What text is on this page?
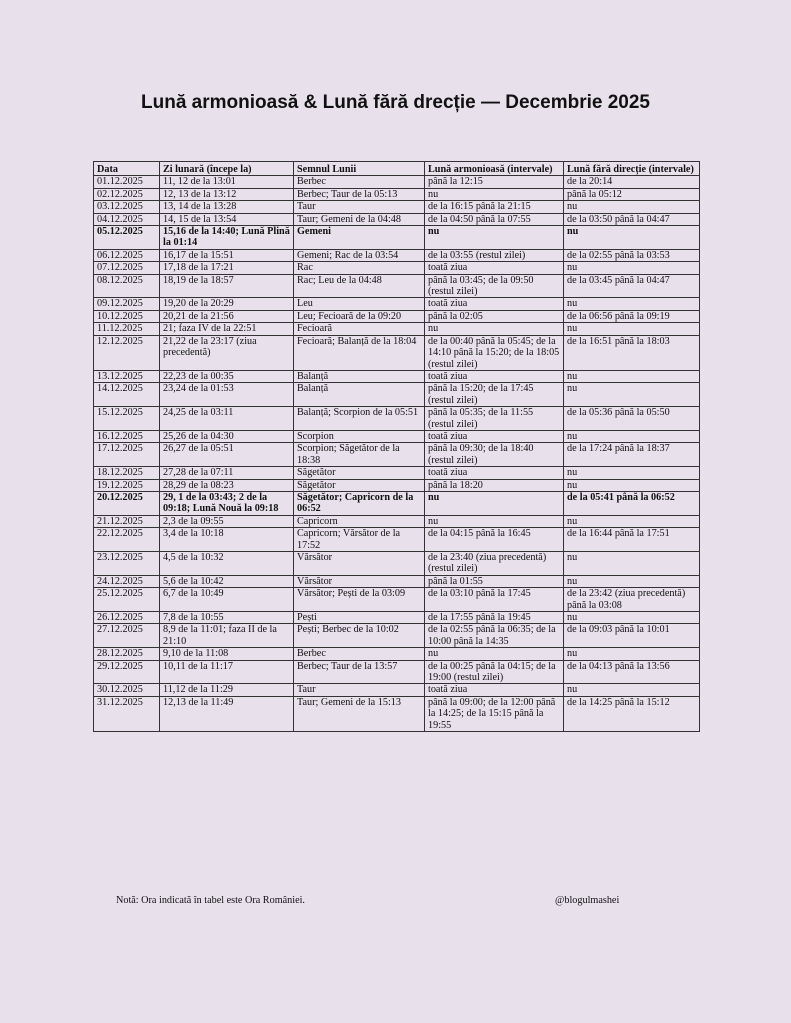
Lună armonioasă & Lună fără drecție — Decembrie 2025
Data	Zi lunară (începe la)	Semnul Lunii	Lună armonioasă (intervale)	Lună fără direcție (intervale)
01.12.2025	11, 12 de la 13:01	Berbec	până la 12:15	de la 20:14
02.12.2025	12, 13 de la 13:12	Berbec; Taur de la 05:13	nu	până la 05:12
03.12.2025	13, 14 de la 13:28	Taur	de la 16:15 până la 21:15	nu
04.12.2025	14, 15 de la 13:54	Taur; Gemeni de la 04:48	de la 04:50 până la 07:55	de la 03:50 până la 04:47
05.12.2025	15,16 de la 14:40; Lună Plină la 01:14	Gemeni	nu	nu
06.12.2025	16,17 de la 15:51	Gemeni; Rac de la 03:54	de la 03:55 (restul zilei)	de la 02:55 până la 03:53
07.12.2025	17,18 de la 17:21	Rac	toată ziua	nu
08.12.2025	18,19 de la 18:57	Rac; Leu de la 04:48	până la 03:45; de la 09:50 (restul zilei)	de la 03:45 până la 04:47
09.12.2025	19,20 de la 20:29	Leu	toată ziua	nu
10.12.2025	20,21 de la 21:56	Leu; Fecioară de la 09:20	până la 02:05	de la 06:56 până la 09:19
11.12.2025	21; faza IV de la 22:51	Fecioară	nu	nu
12.12.2025	21,22 de la 23:17 (ziua precedentă)	Fecioară; Balanță de la 18:04	de la 00:40 până la 05:45; de la 14:10 până la 15:20; de la 18:05 (restul zilei)	de la 16:51 până la 18:03
13.12.2025	22,23 de la 00:35	Balanță	toată ziua	nu
14.12.2025	23,24 de la 01:53	Balanță	până la 15:20; de la 17:45 (restul zilei)	nu
15.12.2025	24,25 de la 03:11	Balanță; Scorpion de la 05:51	până la 05:35; de la 11:55 (restul zilei)	de la 05:36 până la 05:50
16.12.2025	25,26 de la 04:30	Scorpion	toată ziua	nu
17.12.2025	26,27 de la 05:51	Scorpion; Săgetător de la 18:38	până la 09:30; de la 18:40 (restul zilei)	de la 17:24 până la 18:37
18.12.2025	27,28 de la 07:11	Săgetător	toată ziua	nu
19.12.2025	28,29 de la 08:23	Săgetător	până la 18:20	nu
20.12.2025	29, 1 de la 03:43; 2 de la 09:18; Lună Nouă la 09:18	Săgetător; Capricorn de la 06:52	nu	de la 05:41 până la 06:52
21.12.2025	2,3 de la 09:55	Capricorn	nu	nu
22.12.2025	3,4 de la 10:18	Capricorn; Vărsător de la 17:52	de la 04:15 până la 16:45	de la 16:44 până la 17:51
23.12.2025	4,5 de la 10:32	Vărsător	de la 23:40 (ziua precedentă) (restul zilei)	nu
24.12.2025	5,6 de la 10:42	Vărsător	până la 01:55	nu
25.12.2025	6,7 de la 10:49	Vărsător; Pești de la 03:09	de la 03:10 până la 17:45	de la 23:42 (ziua precedentă) până la 03:08
26.12.2025	7,8 de la 10:55	Pești	de la 17:55 până la 19:45	nu
27.12.2025	8,9 de la 11:01; faza II de la 21:10	Pești; Berbec de la 10:02	de la 02:55 până la 06:35; de la 10:00 până la 14:35	de la 09:03 până la 10:01
28.12.2025	9,10 de la 11:08	Berbec	nu	nu
29.12.2025	10,11 de la 11:17	Berbec; Taur de la 13:57	de la 00:25 până la 04:15; de la 19:00 (restul zilei)	de la 04:13 până la 13:56
30.12.2025	11,12 de la 11:29	Taur	toată ziua	nu
31.12.2025	12,13 de la 11:49	Taur; Gemeni de la 15:13	până la 09:00; de la 12:00 până la 14:25; de la 15:15 până la 19:55	de la 14:25 până la 15:12
Notă: Ora indicată în tabel este Ora României.	@blogulmashei
